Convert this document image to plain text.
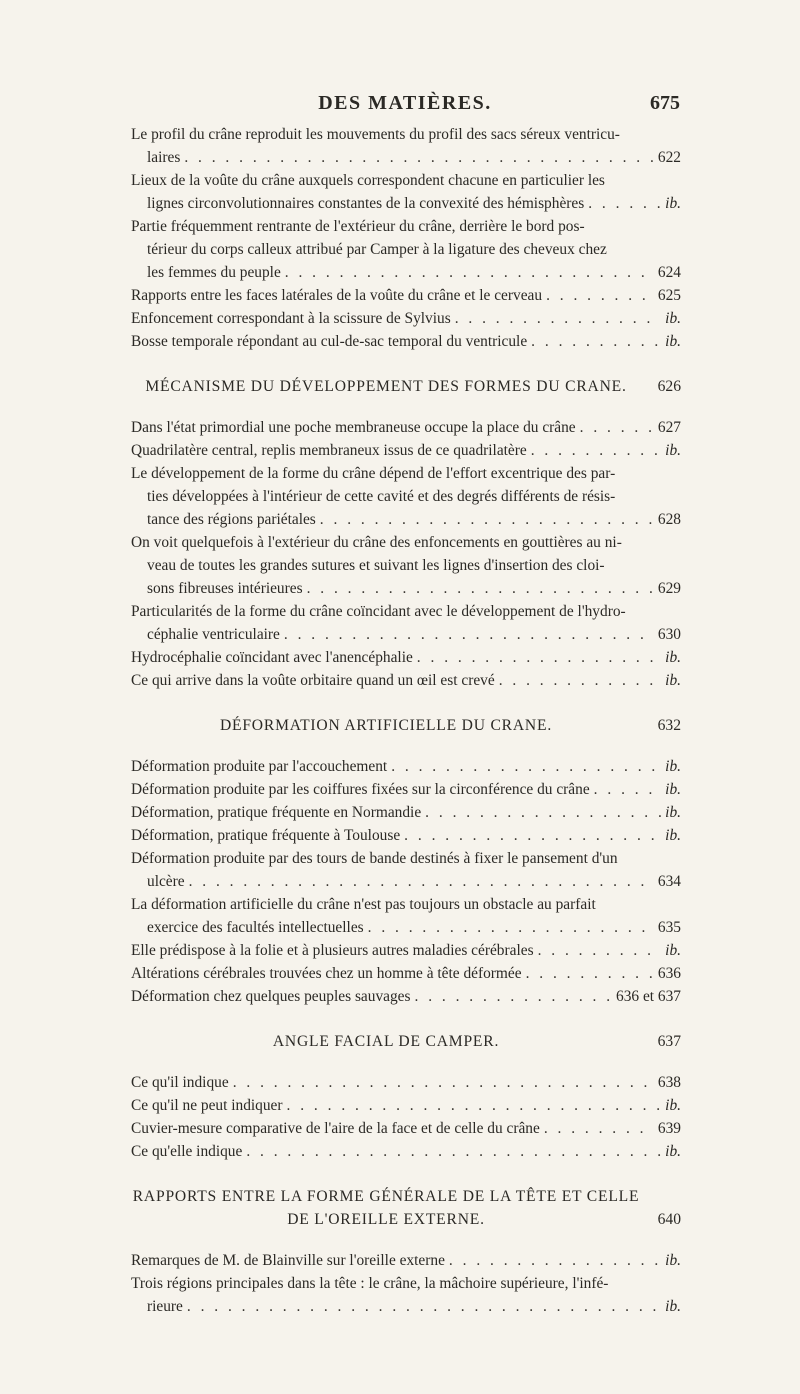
DES MATIÈRES.	675
Le profil du crâne reproduit les mouvements du profil des sacs séreux ventricu-
laires . . .	622
Lieux de la voûte du crâne auxquels correspondent chacune en particulier les
lignes circonvolutionnaires constantes de la convexité des hémisphères . . .	ib.
Partie fréquemment rentrante de l'extérieur du crâne, derrière le bord pos-
térieur du corps calleux attribué par Camper à la ligature des cheveux chez
les femmes du peuple . . .	624
Rapports entre les faces latérales de la voûte du crâne et le cerveau . . .	625
Enfoncement correspondant à la scissure de Sylvius . . .	ib.
Bosse temporale répondant au cul-de-sac temporal du ventricule . . .	ib.
MÉCANISME DU DÉVELOPPEMENT DES FORMES DU CRANE. 626
Dans l'état primordial une poche membraneuse occupe la place du crâne . . .	627
Quadrilatère central, replis membraneux issus de ce quadrilatère . . .	ib.
Le développement de la forme du crâne dépend de l'effort excentrique des par-
ties développées à l'intérieur de cette cavité et des degrés différents de résis-
tance des régions pariétales . . .	628
On voit quelquefois à l'extérieur du crâne des enfoncements en gouttières au ni-
veau de toutes les grandes sutures et suivant les lignes d'insertion des cloi-
sons fibreuses intérieures . . .	629
Particularités de la forme du crâne coïncidant avec le développement de l'hydro-
céphalie ventriculaire . . .	630
Hydrocéphalie coïncidant avec l'anencéphalie . . .	ib.
Ce qui arrive dans la voûte orbitaire quand un œil est crevé . . .	ib.
DÉFORMATION ARTIFICIELLE DU CRANE.	632
Déformation produite par l'accouchement . . .	ib.
Déformation produite par les coiffures fixées sur la circonférence du crâne . . .	ib.
Déformation, pratique fréquente en Normandie . . .	ib.
Déformation, pratique fréquente à Toulouse . . .	ib.
Déformation produite par des tours de bande destinés à fixer le pansement d'un
ulcère . . .	634
La déformation artificielle du crâne n'est pas toujours un obstacle au parfait
exercice des facultés intellectuelles . . .	635
Elle prédispose à la folie et à plusieurs autres maladies cérébrales . . .	ib.
Altérations cérébrales trouvées chez un homme à tête déformée . . .	636
Déformation chez quelques peuples sauvages . . .	636 et 637
ANGLE FACIAL DE CAMPER.	637
Ce qu'il indique . . .	638
Ce qu'il ne peut indiquer . . .	ib.
Cuvier-mesure comparative de l'aire de la face et de celle du crâne . . .	639
Ce qu'elle indique . . .	ib.
RAPPORTS ENTRE LA FORME GÉNÉRALE DE LA TÊTE ET CELLE
DE L'OREILLE EXTERNE.	640
Remarques de M. de Blainville sur l'oreille externe . . .	ib.
Trois régions principales dans la tête : le crâne, la mâchoire supérieure, l'infé-
rieure . . .	ib.
